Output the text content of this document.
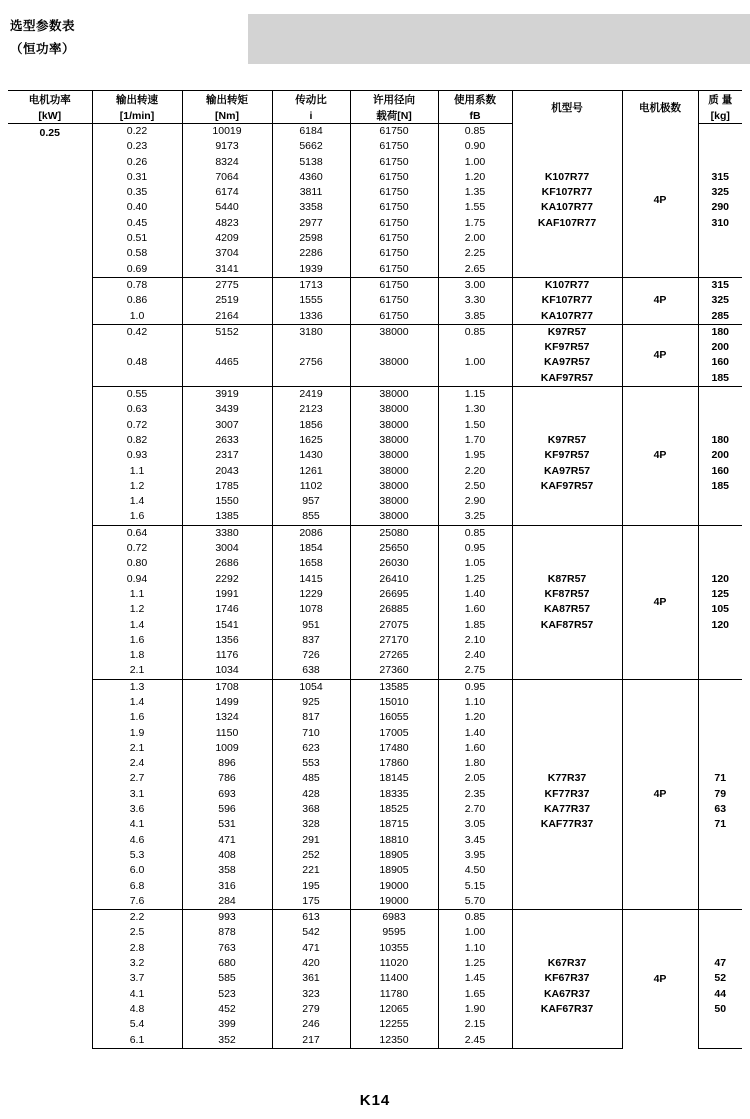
选型参数表
（恒功率）
电机功率	输出转速	输出转矩	传动比	许用径向	使用系数	机型号	电机极数	质 量
[kW]	[1/min]	[Nm]	i	载荷[N]	fB			[kg]
0.25	0.22	10019	6184	61750	0.85		4P	
	0.23	9173	5662	61750	0.90			
	0.26	8324	5138	61750	1.00			
	0.31	7064	4360	61750	1.20	K107R77		315
	0.35	6174	3811	61750	1.35	KF107R77		325
	0.40	5440	3358	61750	1.55	KA107R77		290
	0.45	4823	2977	61750	1.75	KAF107R77		310
	0.51	4209	2598	61750	2.00			
	0.58	3704	2286	61750	2.25			
	0.69	3141	1939	61750	2.65			
	0.78	2775	1713	61750	3.00	K107R77	4P	315
	0.86	2519	1555	61750	3.30	KF107R77		325
	1.0	2164	1336	61750	3.85	KA107R77		285
	0.42	5152	3180	38000	0.85	K97R57	4P	180
						KF97R57		200
	0.48	4465	2756	38000	1.00	KA97R57		160
						KAF97R57		185
	0.55	3919	2419	38000	1.15		4P	
	0.63	3439	2123	38000	1.30			
	0.72	3007	1856	38000	1.50			
	0.82	2633	1625	38000	1.70	K97R57		180
	0.93	2317	1430	38000	1.95	KF97R57		200
	1.1	2043	1261	38000	2.20	KA97R57		160
	1.2	1785	1102	38000	2.50	KAF97R57		185
	1.4	1550	957	38000	2.90			
	1.6	1385	855	38000	3.25			
	0.64	3380	2086	25080	0.85		4P	
	0.72	3004	1854	25650	0.95			
	0.80	2686	1658	26030	1.05			
	0.94	2292	1415	26410	1.25	K87R57		120
	1.1	1991	1229	26695	1.40	KF87R57		125
	1.2	1746	1078	26885	1.60	KA87R57		105
	1.4	1541	951	27075	1.85	KAF87R57		120
	1.6	1356	837	27170	2.10			
	1.8	1176	726	27265	2.40			
	2.1	1034	638	27360	2.75			
	1.3	1708	1054	13585	0.95		4P	
	1.4	1499	925	15010	1.10			
	1.6	1324	817	16055	1.20			
	1.9	1150	710	17005	1.40			
	2.1	1009	623	17480	1.60			
	2.4	896	553	17860	1.80			
	2.7	786	485	18145	2.05	K77R37		71
	3.1	693	428	18335	2.35	KF77R37		79
	3.6	596	368	18525	2.70	KA77R37		63
	4.1	531	328	18715	3.05	KAF77R37		71
	4.6	471	291	18810	3.45			
	5.3	408	252	18905	3.95			
	6.0	358	221	18905	4.50			
	6.8	316	195	19000	5.15			
	7.6	284	175	19000	5.70			
	2.2	993	613	6983	0.85		4P	
	2.5	878	542	9595	1.00			
	2.8	763	471	10355	1.10			
	3.2	680	420	11020	1.25	K67R37		47
	3.7	585	361	11400	1.45	KF67R37		52
	4.1	523	323	11780	1.65	KA67R37		44
	4.8	452	279	12065	1.90	KAF67R37		50
	5.4	399	246	12255	2.15			
	6.1	352	217	12350	2.45			
K14
